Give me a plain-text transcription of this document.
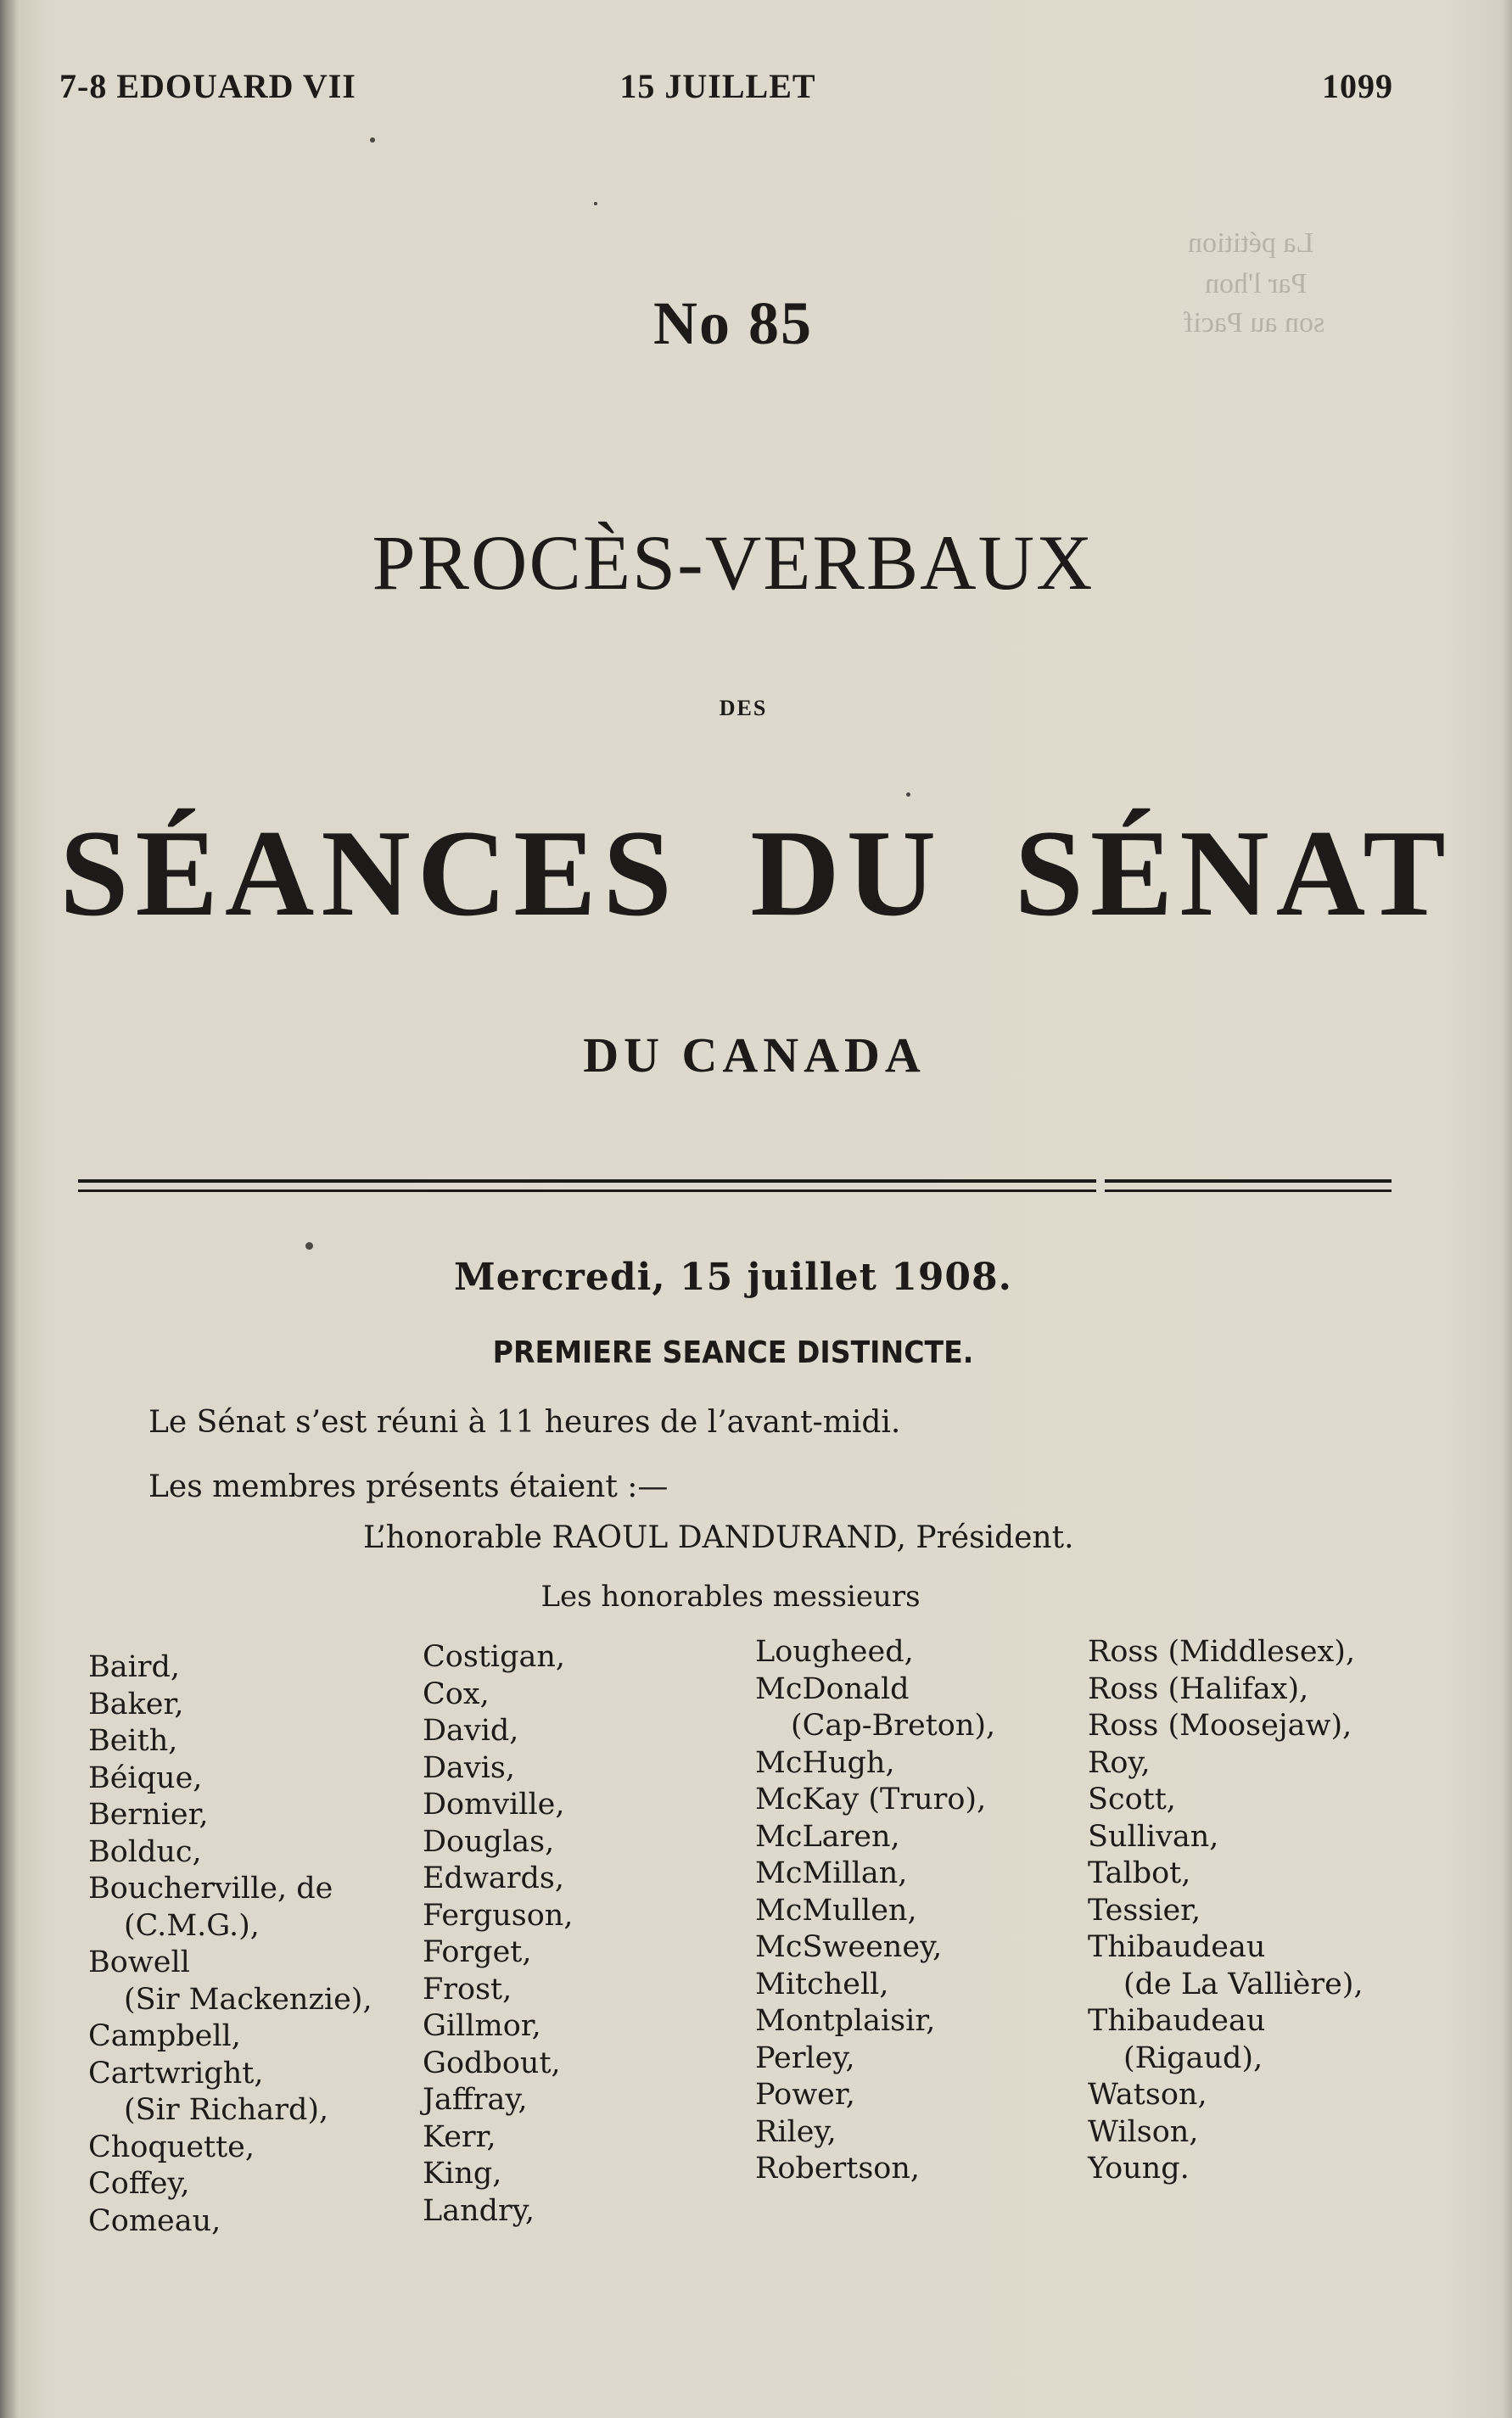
7-8 EDOUARD VII	15 JUILLET	1099

La pétition

Par l'hon

son au Pacif

No 85

PROCÈS-VERBAUX

DES

SÉANCES DU SÉNAT

DU CANADA

Mercredi, 15 juillet 1908.

PREMIERE SEANCE DISTINCTE.

Le Sénat s’est réuni à 11 heures de l’avant-midi.

Les membres présents étaient :—

L’honorable RAOUL DANDURAND, Président.

Les honorables messieurs

Baird,
Baker,
Beith,
Béique,
Bernier,
Bolduc,
Boucherville, de
(C.M.G.),
Bowell
(Sir Mackenzie),
Campbell,
Cartwright,
(Sir Richard),
Choquette,
Coffey,
Comeau,
Costigan,
Cox,
David,
Davis,
Domville,
Douglas,
Edwards,
Ferguson,
Forget,
Frost,
Gillmor,
Godbout,
Jaffray,
Kerr,
King,
Landry,
Lougheed,
McDonald
(Cap-Breton),
McHugh,
McKay (Truro),
McLaren,
McMillan,
McMullen,
McSweeney,
Mitchell,
Montplaisir,
Perley,
Power,
Riley,
Robertson,
Ross (Middlesex),
Ross (Halifax),
Ross (Moosejaw),
Roy,
Scott,
Sullivan,
Talbot,
Tessier,
Thibaudeau
(de La Vallière),
Thibaudeau
(Rigaud),
Watson,
Wilson,
Young.
